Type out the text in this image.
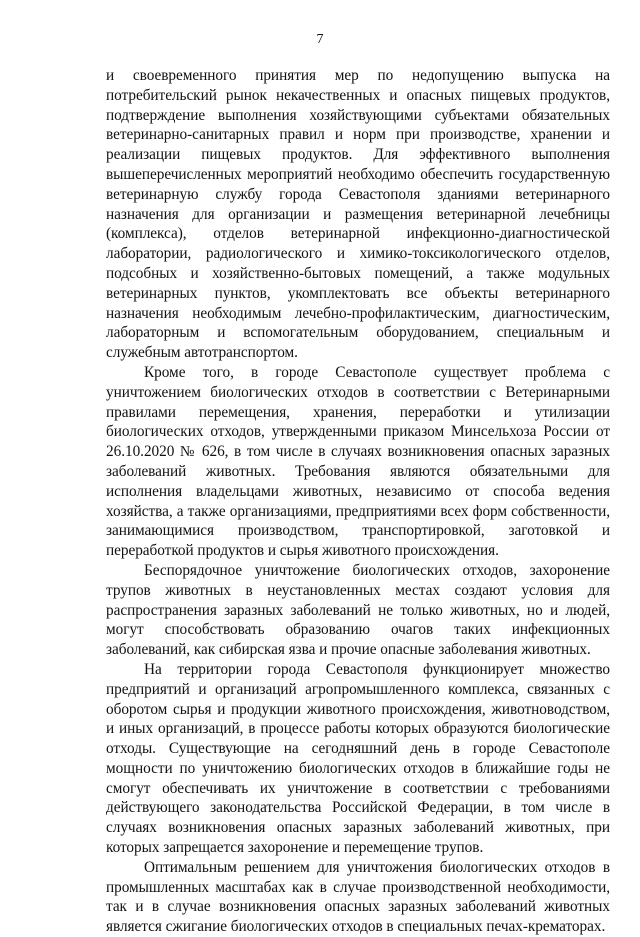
7

и своевременного принятия мер по недопущению выпуска на потребительский рынок некачественных и опасных пищевых продуктов, подтверждение выполнения хозяйствующими субъектами обязательных ветеринарно-санитарных правил и норм при производстве, хранении и реализации пищевых продуктов. Для эффективного выполнения вышеперечисленных мероприятий необходимо обеспечить государственную ветеринарную службу города Севастополя зданиями ветеринарного назначения для организации и размещения ветеринарной лечебницы (комплекса), отделов ветеринарной инфекционно-диагностической лаборатории, радиологического и химико-токсикологического отделов, подсобных и хозяйственно-бытовых помещений, а также модульных ветеринарных пунктов, укомплектовать все объекты ветеринарного назначения необходимым лечебно-профилактическим, диагностическим, лабораторным и вспомогательным оборудованием, специальным и служебным автотранспортом.

Кроме того, в городе Севастополе существует проблема с уничтожением биологических отходов в соответствии с Ветеринарными правилами перемещения, хранения, переработки и утилизации биологических отходов, утвержденными приказом Минсельхоза России от 26.10.2020 № 626, в том числе в случаях возникновения опасных заразных заболеваний животных. Требования являются обязательными для исполнения владельцами животных, независимо от способа ведения хозяйства, а также организациями, предприятиями всех форм собственности, занимающимися производством, транспортировкой, заготовкой и переработкой продуктов и сырья животного происхождения.

Беспорядочное уничтожение биологических отходов, захоронение трупов животных в неустановленных местах создают условия для распространения заразных заболеваний не только животных, но и людей, могут способствовать образованию очагов таких инфекционных заболеваний, как сибирская язва и прочие опасные заболевания животных.

На территории города Севастополя функционирует множество предприятий и организаций агропромышленного комплекса, связанных с оборотом сырья и продукции животного происхождения, животноводством, и иных организаций, в процессе работы которых образуются биологические отходы. Существующие на сегодняшний день в городе Севастополе мощности по уничтожению биологических отходов в ближайшие годы не смогут обеспечивать их уничтожение в соответствии с требованиями действующего законодательства Российской Федерации, в том числе в случаях возникновения опасных заразных заболеваний животных, при которых запрещается захоронение и перемещение трупов.

Оптимальным решением для уничтожения биологических отходов в промышленных масштабах как в случае производственной необходимости, так и в случае возникновения опасных заразных заболеваний животных является сжигание биологических отходов в специальных печах-крематорах.
